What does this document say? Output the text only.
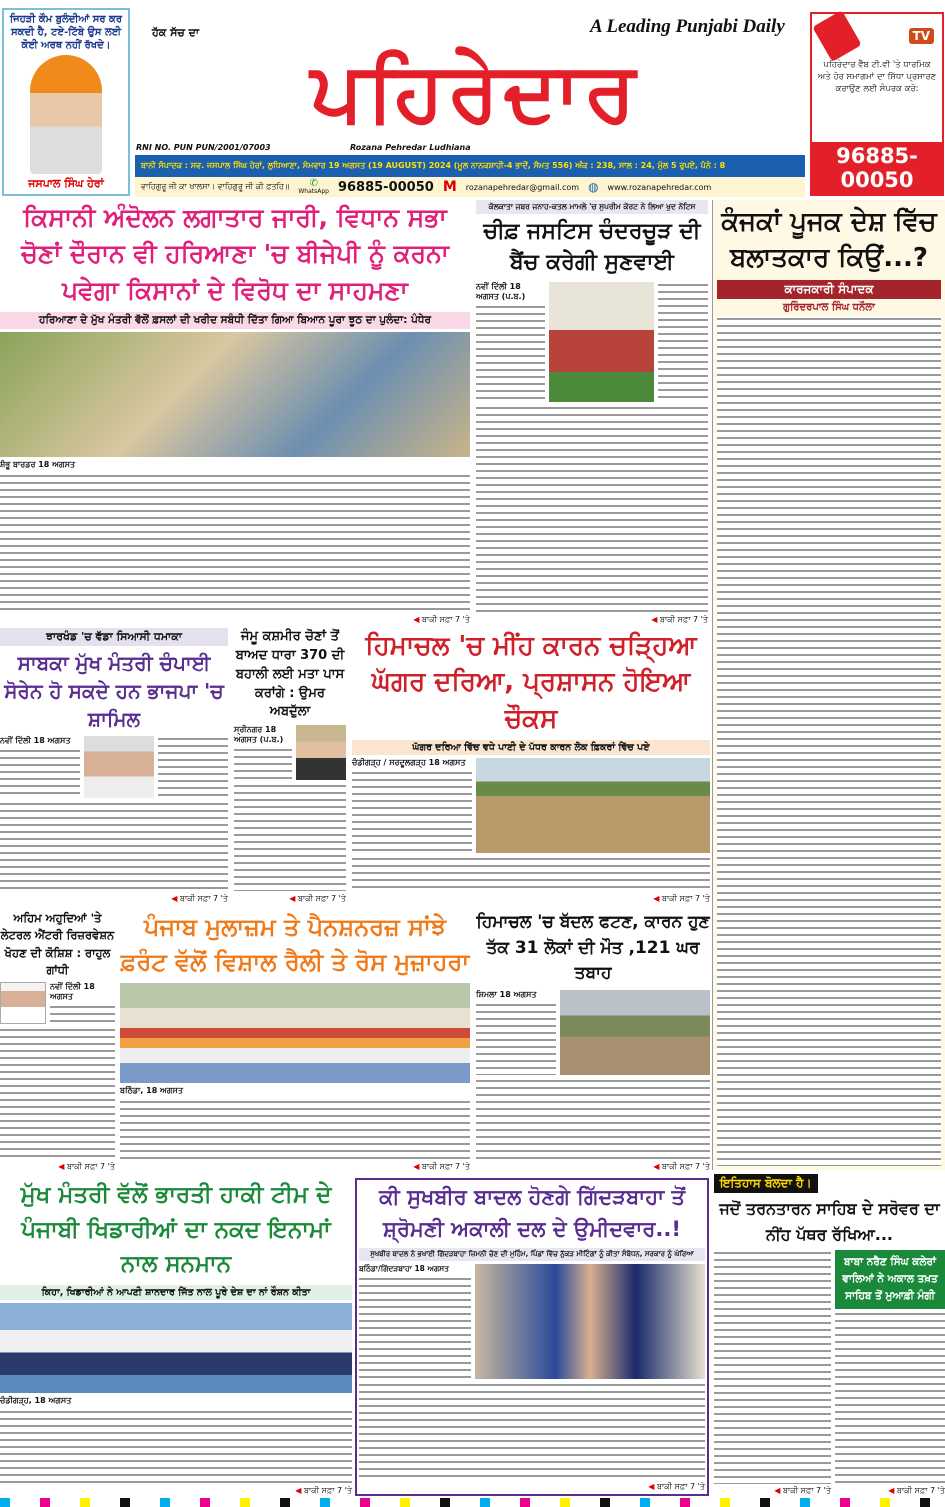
ਜਿਹੜੀ ਕੌਮ ਬੁਲੰਦੀਆਂ ਸਰ ਕਰ ਸਕਦੀ ਹੈ, ਟਏ-ਟਿੱਬੇ ਉਸ ਲਈ ਕੋਈ ਅਰਥ ਨਹੀਂ ਰੱਖਦੇ।
ਜਸਪਾਲ ਸਿੰਘ ਹੇਰਾਂ
ਹੱਕ ਸੱਚ ਦਾ	A Leading Punjabi Daily
ਪਹਿਰੇਦਾਰ
RNI NO. PUN PUN/2001/07003	Rozana Pehredar Ludhiana
ਬਾਨੀ ਸੰਪਾਦਕ : ਸਵ. ਜਸਪਾਲ ਸਿੰਘ ਹੇਰਾਂ, ਲੁਧਿਆਣਾ, ਸੋਮਵਾਰ 19 ਅਗਸਤ (19 AUGUST) 2024 (ਮੂਲ ਨਾਨਕਸ਼ਾਹੀ-4 ਭਾਦੋਂ, ਸੰਮਤ 556) ਅੰਕ : 238, ਸਾਲ : 24, ਮੁੱਲ 5 ਰੁਪਏ, ਪੰਨੇ : 8
ਵਾਹਿਗੁਰੂ ਜੀ ਕਾ ਖਾਲਸਾ। ਵਾਹਿਗੁਰੂ ਜੀ ਕੀ ਫ਼ਤਹਿ॥ ✆
WhatsApp 96885-00050 M rozanapehredar@gmail.com ◍ www.rozanapehredar.com
TV
ਪਹਿਰੇਦਾਰ ਵੈੱਬ ਟੀ.ਵੀ 'ਤੇ ਧਾਰਮਿਕ ਅਤੇ ਹੋਰ ਸਮਾਗਮਾਂ ਦਾ ਸਿੱਧਾ ਪ੍ਰਸਾਰਣ ਕਰਾਉਣ ਲਈ ਸੰਪਰਕ ਕਰੋ:
96885-00050
ਕਿਸਾਨੀ ਅੰਦੋਲਨ ਲਗਾਤਾਰ ਜਾਰੀ, ਵਿਧਾਨ ਸਭਾ ਚੋਣਾਂ ਦੌਰਾਨ ਵੀ ਹਰਿਆਣਾ 'ਚ ਬੀਜੇਪੀ ਨੂੰ ਕਰਨਾ ਪਵੇਗਾ ਕਿਸਾਨਾਂ ਦੇ ਵਿਰੋਧ ਦਾ ਸਾਹਮਣਾ
ਹਰਿਆਣਾ ਦੇ ਮੁੱਖ ਮੰਤਰੀ ਵੱਲੋਂ ਫ਼ਸਲਾਂ ਦੀ ਖਰੀਦ ਸਬੰਧੀ ਦਿੱਤਾ ਗਿਆ ਬਿਆਨ ਪੂਰਾ ਝੂਠ ਦਾ ਪੁਲੰਦਾ: ਪੰਧੇਰ
ਸ਼ੰਭੂ ਬਾਰਡਰ 18 ਅਗਸਤ
◀ ਬਾਕੀ ਸਫ਼ਾ 7 'ਤੇ
ਕੋਲਕਾਤਾ ਜਬਰ ਜਨਾਹ-ਕਤਲ ਮਾਮਲੇ 'ਚ ਸੁਪਰੀਮ ਕੋਰਟ ਨੇ ਲਿਆ ਖੁਦ ਨੋਟਿਸ
ਚੀਫ਼ ਜਸਟਿਸ ਚੰਦਰਚੂੜ ਦੀ ਬੈਂਚ ਕਰੇਗੀ ਸੁਣਵਾਈ
ਨਵੀਂ ਦਿੱਲੀ 18 ਅਗਸਤ (ਪ.ਬ.)
◀ ਬਾਕੀ ਸਫ਼ਾ 7 'ਤੇ
ਕੰਜਕਾਂ ਪੂਜਕ ਦੇਸ਼ ਵਿੱਚ ਬਲਾਤਕਾਰ ਕਿਉਂ...?
ਕਾਰਜਕਾਰੀ ਸੰਪਾਦਕ
ਗੁਰਿੰਦਰਪਾਲ ਸਿੰਘ ਧਨੌਲਾ
ਝਾਰਖੰਡ 'ਚ ਵੱਡਾ ਸਿਆਸੀ ਧਮਾਕਾ
ਸਾਬਕਾ ਮੁੱਖ ਮੰਤਰੀ ਚੰਪਾਈ ਸੋਰੇਨ ਹੋ ਸਕਦੇ ਹਨ ਭਾਜਪਾ 'ਚ ਸ਼ਾਮਿਲ
ਨਵੀਂ ਦਿੱਲੀ 18 ਅਗਸਤ
◀ ਬਾਕੀ ਸਫ਼ਾ 7 'ਤੇ
ਜੰਮੂ ਕਸ਼ਮੀਰ ਚੋਣਾਂ ਤੋਂ ਬਾਅਦ ਧਾਰਾ 370 ਦੀ ਬਹਾਲੀ ਲਈ ਮਤਾ ਪਾਸ ਕਰਾਂਗੇ : ਉਮਰ ਅਬਦੁੱਲਾ
ਸ੍ਰੀਨਗਰ 18 ਅਗਸਤ (ਪ.ਬ.)
◀ ਬਾਕੀ ਸਫ਼ਾ 7 'ਤੇ
ਹਿਮਾਚਲ 'ਚ ਮੀਂਹ ਕਾਰਨ ਚੜ੍ਹਿਆ ਘੱਗਰ ਦਰਿਆ, ਪ੍ਰਸ਼ਾਸਨ ਹੋਇਆ ਚੌਕਸ
ਘੱਗਰ ਦਰਿਆ ਵਿੱਚ ਵਧੇ ਪਾਣੀ ਦੇ ਪੱਧਰ ਕਾਰਨ ਲੋਕ ਫ਼ਿਕਰਾਂ ਵਿੱਚ ਪਏ
ਚੰਡੀਗੜ੍ਹ / ਸਰਦੂਲਗੜ੍ਹ 18 ਅਗਸਤ
◀ ਬਾਕੀ ਸਫ਼ਾ 7 'ਤੇ
ਅਹਿਮ ਅਹੁਦਿਆਂ 'ਤੇ ਲੇਟਰਲ ਐਂਟਰੀ ਰਿਜ਼ਰਵੇਸ਼ਨ ਖੋਹਣ ਦੀ ਕੋਸ਼ਿਸ਼ : ਰਾਹੁਲ ਗਾਂਧੀ
ਨਵੀਂ ਦਿੱਲੀ 18 ਅਗਸਤ
◀ ਬਾਕੀ ਸਫ਼ਾ 7 'ਤੇ
ਪੰਜਾਬ ਮੁਲਾਜ਼ਮ ਤੇ ਪੈਨਸ਼ਨਰਜ਼ ਸਾਂਝੇ ਫ਼ਰੰਟ ਵੱਲੋਂ ਵਿਸ਼ਾਲ ਰੈਲੀ ਤੇ ਰੋਸ ਮੁਜ਼ਾਹਰਾ
ਬਠਿੰਡਾ, 18 ਅਗਸਤ
◀ ਬਾਕੀ ਸਫ਼ਾ 7 'ਤੇ
ਹਿਮਾਚਲ 'ਚ ਬੱਦਲ ਫਟਣ, ਕਾਰਨ ਹੁਣ ਤੱਕ 31 ਲੋਕਾਂ ਦੀ ਮੌਤ ,121 ਘਰ ਤਬਾਹ
ਸ਼ਿਮਲਾ 18 ਅਗਸਤ
◀ ਬਾਕੀ ਸਫ਼ਾ 7 'ਤੇ
ਮੁੱਖ ਮੰਤਰੀ ਵੱਲੋਂ ਭਾਰਤੀ ਹਾਕੀ ਟੀਮ ਦੇ ਪੰਜਾਬੀ ਖਿਡਾਰੀਆਂ ਦਾ ਨਕਦ ਇਨਾਮਾਂ ਨਾਲ ਸਨਮਾਨ
ਕਿਹਾ, ਖਿਡਾਰੀਆਂ ਨੇ ਆਪਣੀ ਸ਼ਾਨਦਾਰ ਜਿੱਤ ਨਾਲ ਪੂਰੇ ਦੇਸ਼ ਦਾ ਨਾਂ ਰੌਸ਼ਨ ਕੀਤਾ
ਚੰਡੀਗੜ੍ਹ, 18 ਅਗਸਤ
◀ ਬਾਕੀ ਸਫ਼ਾ 7 'ਤੇ
ਕੀ ਸੁਖਬੀਰ ਬਾਦਲ ਹੋਣਗੇ ਗਿੱਦੜਬਾਹਾ ਤੋਂ ਸ਼੍ਰੋਮਣੀ ਅਕਾਲੀ ਦਲ ਦੇ ਉਮੀਦਵਾਰ..!
ਸੁਖਬੀਰ ਬਾਦਲ ਨੇ ਭਖਾਈ ਗਿੱਦੜਬਾਹਾ ਜ਼ਿਮਨੀ ਚੋਣ ਦੀ ਮੁਹਿੰਮ, ਪਿੰਡਾਂ ਵਿੱਚ ਨੁੱਕੜ ਮੀਟਿੰਗਾਂ ਨੂੰ ਕੀਤਾ ਸੰਬੋਧਨ, ਸਰਕਾਰ ਨੂੰ ਘੇਰਿਆ
ਬਠਿੰਡਾ/ਗਿੱਦੜਬਾਹਾ 18 ਅਗਸਤ
◀ ਬਾਕੀ ਸਫ਼ਾ 7 'ਤੇ
ਇਤਿਹਾਸ ਬੋਲਦਾ ਹੈ।
ਜਦੋਂ ਤਰਨਤਾਰਨ ਸਾਹਿਬ ਦੇ ਸਰੋਵਰ ਦਾ ਨੀਂਹ ਪੱਥਰ ਰੱਖਿਆ...
◀ ਬਾਕੀ ਸਫ਼ਾ 7 'ਤੇ
ਬਾਬਾ ਨਰੈਣ ਸਿੰਘ ਕਲੇਰਾਂ ਵਾਲਿਆਂ ਨੇ ਅਕਾਲ ਤਖ਼ਤ ਸਾਹਿਬ ਤੋਂ ਮੁਆਫ਼ੀ ਮੰਗੀ
◀ ਬਾਕੀ ਸਫ਼ਾ 7 'ਤੇ
